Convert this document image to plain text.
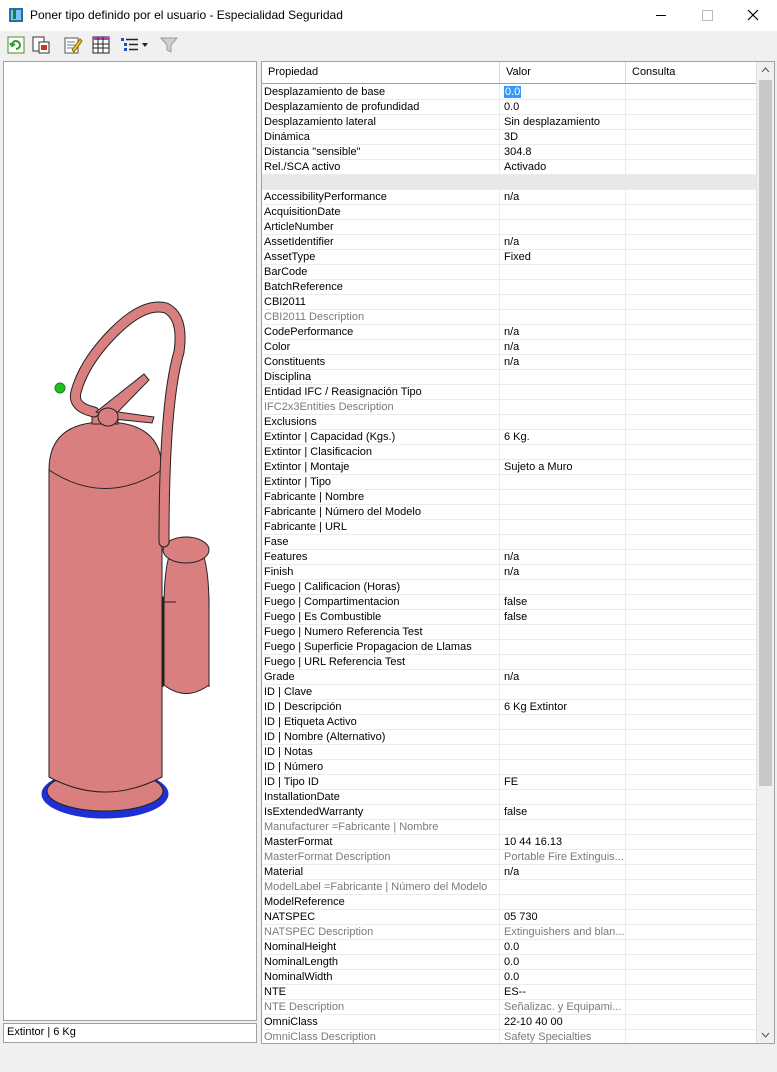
Poner tipo definido por el usuario - Especialidad Seguridad
Extintor | 6 Kg
Propiedad	Valor	Consulta
Desplazamiento de base	0.0
Desplazamiento de profundidad	0.0
Desplazamiento lateral	Sin desplazamiento
Dinámica	3D
Distancia "sensible"	304.8
Rel./SCA activo	Activado
AccessibilityPerformance	n/a
AcquisitionDate
ArticleNumber
AssetIdentifier	n/a
AssetType	Fixed
BarCode
BatchReference
CBI2011
CBI2011 Description
CodePerformance	n/a
Color	n/a
Constituents	n/a
Disciplina
Entidad IFC / Reasignación Tipo
IFC2x3Entities Description
Exclusions
Extintor | Capacidad (Kgs.)	6 Kg.
Extintor | Clasificacion
Extintor | Montaje	Sujeto a Muro
Extintor | Tipo
Fabricante | Nombre
Fabricante | Número del Modelo
Fabricante | URL
Fase
Features	n/a
Finish	n/a
Fuego | Calificacion (Horas)
Fuego | Compartimentacion	false
Fuego | Es Combustible	false
Fuego | Numero Referencia Test
Fuego | Superficie Propagacion de Llamas
Fuego | URL Referencia Test
Grade	n/a
ID | Clave
ID | Descripción	6 Kg Extintor
ID | Etiqueta Activo
ID | Nombre (Alternativo)
ID | Notas
ID | Número
ID | Tipo ID	FE
InstallationDate
IsExtendedWarranty	false
Manufacturer =Fabricante | Nombre
MasterFormat	10 44 16.13
MasterFormat Description	Portable Fire Extinguis...
Material	n/a
ModelLabel =Fabricante | Número del Modelo
ModelReference
NATSPEC	05 730
NATSPEC Description	Extinguishers and blan...
NominalHeight	0.0
NominalLength	0.0
NominalWidth	0.0
NTE	ES--
NTE Description	Señalizac. y Equipami...
OmniClass	22-10 40 00
OmniClass Description	Safety Specialties
